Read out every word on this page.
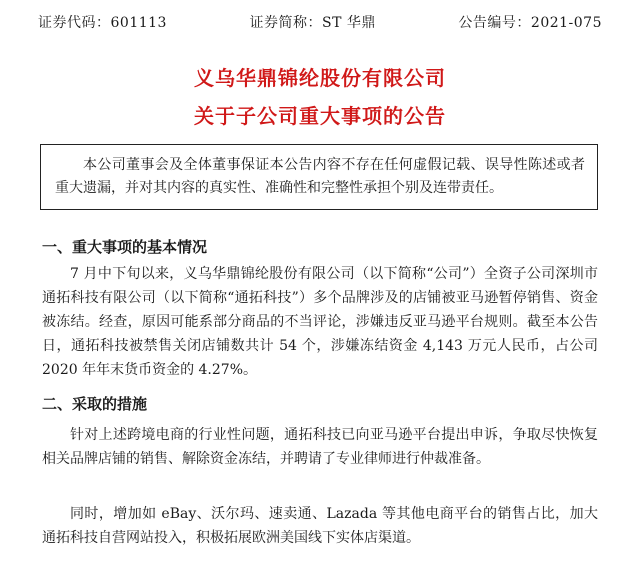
证券代码：601113	证券简称：ST 华鼎	公告编号：2021-075
义乌华鼎锦纶股份有限公司
关于子公司重大事项的公告
本公司董事会及全体董事保证本公告内容不存在任何虚假记载、误导性陈述或者重大遗漏，并对其内容的真实性、准确性和完整性承担个别及连带责任。
一、重大事项的基本情况
7 月中下旬以来，义乌华鼎锦纶股份有限公司（以下简称“公司”）全资子公司深圳市通拓科技有限公司（以下简称“通拓科技”）多个品牌涉及的店铺被亚马逊暂停销售、资金被冻结。经查，原因可能系部分商品的不当评论，涉嫌违反亚马逊平台规则。截至本公告日，通拓科技被禁售关闭店铺数共计 54 个，涉嫌冻结资金 4,143 万元人民币，占公司 2020 年年末货币资金的 4.27%。
二、采取的措施
针对上述跨境电商的行业性问题，通拓科技已向亚马逊平台提出申诉，争取尽快恢复相关品牌店铺的销售、解除资金冻结，并聘请了专业律师进行仲裁准备。
同时，增加如 eBay、沃尔玛、速卖通、Lazada 等其他电商平台的销售占比，加大通拓科技自营网站投入，积极拓展欧洲美国线下实体店渠道。
